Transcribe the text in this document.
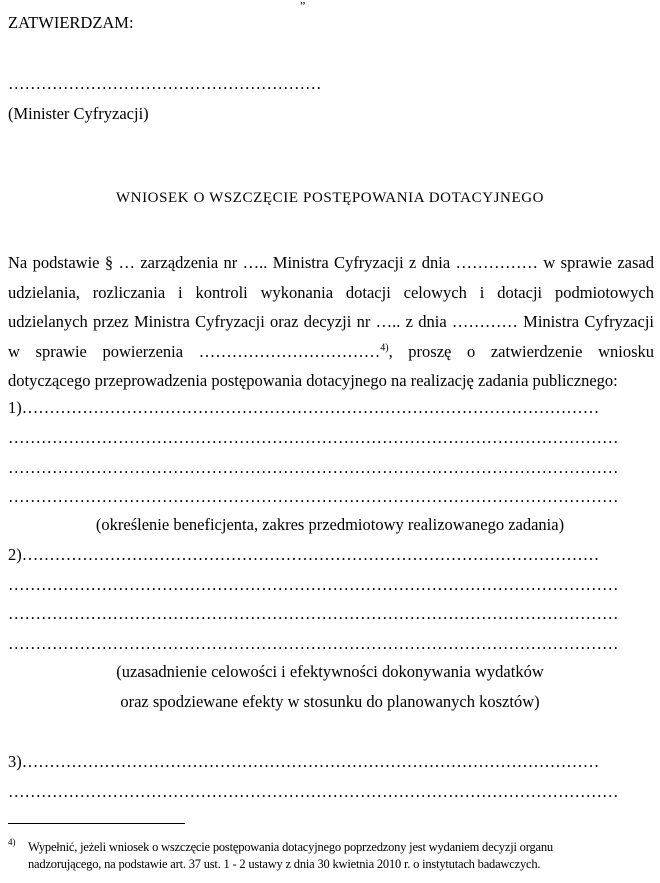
ZATWIERDZAM:
…………………………………………………
(Minister Cyfryzacji)
WNIOSEK O WSZCZĘCIE POSTĘPOWANIA DOTACYJNEGO
Na podstawie § … zarządzenia nr ….. Ministra Cyfryzacji z dnia …………… w sprawie zasad
udzielania, rozliczania i kontroli wykonania dotacji celowych i dotacji podmiotowych
udzielanych przez Ministra Cyfryzacji oraz decyzji nr ….. z dnia ………… Ministra Cyfryzacji
w sprawie powierzenia ……………………………$^{4)}$, proszę o zatwierdzenie wniosku
dotyczącego przeprowadzenia postępowania dotacyjnego na realizację zadania publicznego:
1)……………………………………………………………………………………………
…………………………………………………………………………………………………
…………………………………………………………………………………………………
…………………………………………………………………………………………………
(określenie beneficjenta, zakres przedmiotowy realizowanego zadania)
2)……………………………………………………………………………………………
…………………………………………………………………………………………………
…………………………………………………………………………………………………
…………………………………………………………………………………………………
(uzasadnienie celowości i efektywności dokonywania wydatków
oraz spodziewane efekty w stosunku do planowanych kosztów)
3)……………………………………………………………………………………………
…………………………………………………………………………………………………
4) Wypełnić, jeżeli wniosek o wszczęcie postępowania dotacyjnego poprzedzony jest wydaniem decyzji organu
nadzorującego, na podstawie art. 37 ust. 1 - 2 ustawy z dnia 30 kwietnia 2010 r. o instytutach badawczych.
